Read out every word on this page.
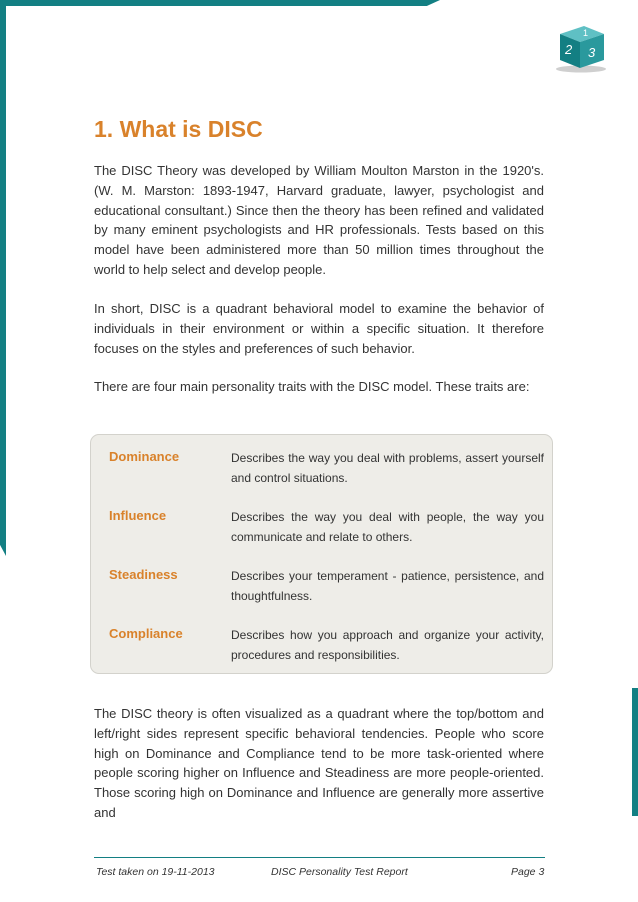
1
2 3
1. What is DISC

The DISC Theory was developed by William Moulton Marston in the 1920's. (W. M. Marston: 1893-1947, Harvard graduate, lawyer, psychologist and educational consultant.) Since then the theory has been refined and validated by many eminent psychologists and HR professionals. Tests based on this model have been administered more than 50 million times throughout the world to help select and develop people.

In short, DISC is a quadrant behavioral model to examine the behavior of individuals in their environment or within a specific situation. It therefore focuses on the styles and preferences of such behavior.

There are four main personality traits with the DISC model. These traits are:

Dominance	Describes the way you deal with problems, assert yourself and control situations.
Influence	Describes the way you deal with people, the way you communicate and relate to others.
Steadiness	Describes your temperament - patience, persistence, and thoughtfulness.
Compliance	Describes how you approach and organize your activity, procedures and responsibilities.

The DISC theory is often visualized as a quadrant where the top/bottom and left/right sides represent specific behavioral tendencies. People who score high on Dominance and Compliance tend to be more task-oriented where people scoring higher on Influence and Steadiness are more people-oriented. Those scoring high on Dominance and Influence are generally more assertive and

Test taken on 19-11-2013	DISC Personality Test Report	Page 3
